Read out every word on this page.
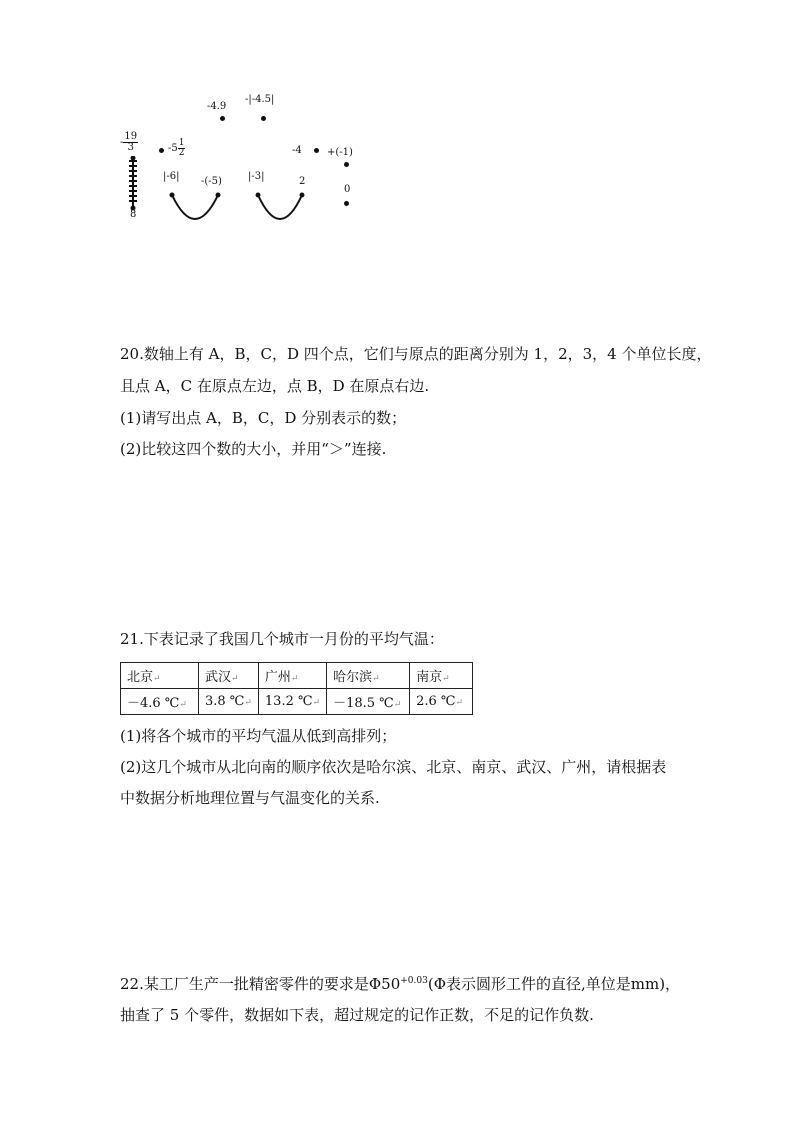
-4.9
-|-4.5|
- $\frac{19}{3}$	$-5 \frac{1}{2}$	-4	+(-1)
8
|-6| -(-5)	|-3|	2
0
20.数轴上有 A，B，C，D 四个点，它们与原点的距离分别为 1，2，3，4 个单位长度，
且点 A，C 在原点左边，点 B，D 在原点右边.
(1)请写出点 A，B，C，D 分别表示的数；
(2)比较这四个数的大小，并用“＞”连接.
21.下表记录了我国几个城市一月份的平均气温：
北京↵	武汉↵	广州↵	哈尔滨↵	南京↵
－4.6 ℃↵	3.8 ℃↵	13.2 ℃↵	－18.5 ℃↵	2.6 ℃↵
(1)将各个城市的平均气温从低到高排列；
(2)这几个城市从北向南的顺序依次是哈尔滨、北京、南京、武汉、广州，请根据表
中数据分析地理位置与气温变化的关系.
22.某工厂生产一批精密零件的要求是$\Phi 50^{+0.03}(\Phi$表示圆形工件的直径,单位是mm)，
抽查了 5 个零件，数据如下表，超过规定的记作正数，不足的记作负数.
